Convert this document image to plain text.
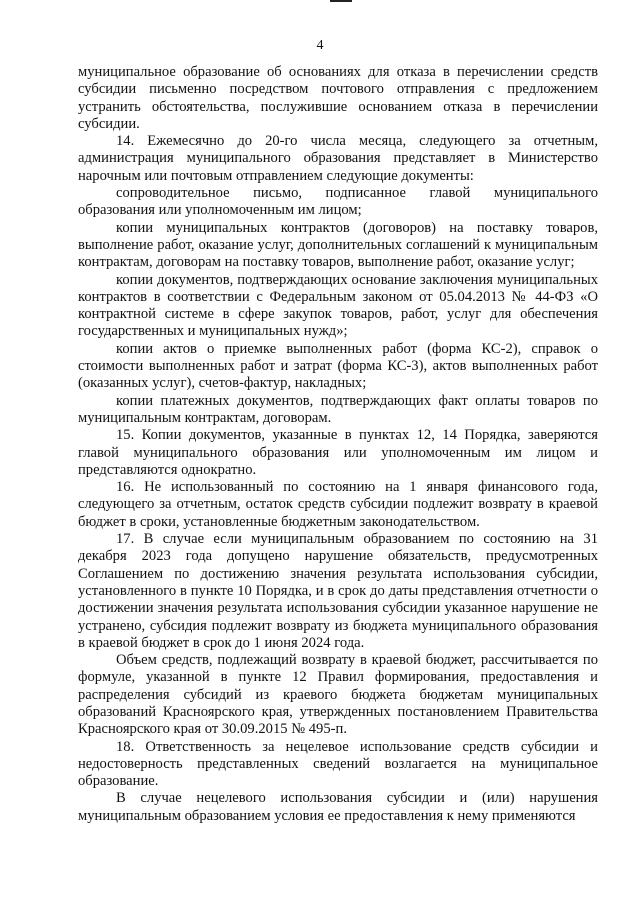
4

муниципальное образование об основаниях для отказа в перечислении средств субсидии письменно посредством почтового отправления с предложением устранить обстоятельства, послужившие основанием отказа в перечислении субсидии.

14. Ежемесячно до 20-го числа месяца, следующего за отчетным, администрация муниципального образования представляет в Министерство нарочным или почтовым отправлением следующие документы:

сопроводительное письмо, подписанное главой муниципального образования или уполномоченным им лицом;

копии муниципальных контрактов (договоров) на поставку товаров, выполнение работ, оказание услуг, дополнительных соглашений к муниципальным контрактам, договорам на поставку товаров, выполнение работ, оказание услуг;

копии документов, подтверждающих основание заключения муниципальных контрактов в соответствии с Федеральным законом от 05.04.2013 № 44-ФЗ «О контрактной системе в сфере закупок товаров, работ, услуг для обеспечения государственных и муниципальных нужд»;

копии актов о приемке выполненных работ (форма КС-2), справок о стоимости выполненных работ и затрат (форма КС-3), актов выполненных работ (оказанных услуг), счетов-фактур, накладных;

копии платежных документов, подтверждающих факт оплаты товаров по муниципальным контрактам, договорам.

15. Копии документов, указанные в пунктах 12, 14 Порядка, заверяются главой муниципального образования или уполномоченным им лицом и представляются однократно.

16. Не использованный по состоянию на 1 января финансового года, следующего за отчетным, остаток средств субсидии подлежит возврату в краевой бюджет в сроки, установленные бюджетным законодательством.

17. В случае если муниципальным образованием по состоянию на 31 декабря 2023 года допущено нарушение обязательств, предусмотренных Соглашением по достижению значения результата использования субсидии, установленного в пункте 10 Порядка, и в срок до даты представления отчетности о достижении значения результата использования субсидии указанное нарушение не устранено, субсидия подлежит возврату из бюджета муниципального образования в краевой бюджет в срок до 1 июня 2024 года.

Объем средств, подлежащий возврату в краевой бюджет, рассчитывается по формуле, указанной в пункте 12 Правил формирования, предоставления и распределения субсидий из краевого бюджета бюджетам муниципальных образований Красноярского края, утвержденных постановлением Правительства Красноярского края от 30.09.2015 № 495-п.

18. Ответственность за нецелевое использование средств субсидии и недостоверность представленных сведений возлагается на муниципальное образование.

В случае нецелевого использования субсидии и (или) нарушения муниципальным образованием условия ее предоставления к нему применяются
